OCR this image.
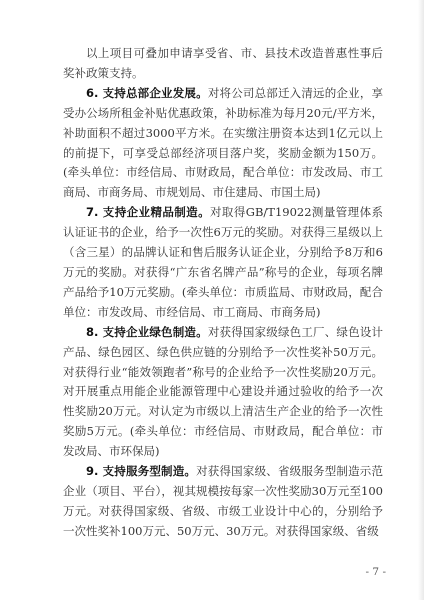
以上项目可叠加申请享受省、市、县技术改造普惠性事后奖补政策支持。

6. 支持总部企业发展。对将公司总部迁入清远的企业，享受办公场所租金补贴优惠政策，补助标准为每月20元/平方米，补助面积不超过3000平方米。在实缴注册资本达到1亿元以上的前提下，可享受总部经济项目落户奖，奖励金额为150万。(牵头单位：市经信局、市财政局，配合单位：市发改局、市工商局、市商务局、市规划局、市住建局、市国土局)

7. 支持企业精品制造。对取得GB/T19022测量管理体系认证证书的企业，给予一次性6万元的奖励。对获得三星级以上（含三星）的品牌认证和售后服务认证企业，分别给予8万和6万元的奖励。对获得“广东省名牌产品”称号的企业，每项名牌产品给予10万元奖励。(牵头单位：市质监局、市财政局，配合单位：市发改局、市经信局、市工商局、市商务局)

8. 支持企业绿色制造。对获得国家级绿色工厂、绿色设计产品、绿色园区、绿色供应链的分别给予一次性奖补50万元。对获得行业“能效领跑者”称号的企业给予一次性奖励20万元。对开展重点用能企业能源管理中心建设并通过验收的给予一次性奖励20万元。对认定为市级以上清洁生产企业的给予一次性奖励5万元。(牵头单位：市经信局、市财政局，配合单位：市发改局、市环保局)

9. 支持服务型制造。对获得国家级、省级服务型制造示范企业（项目、平台），视其规模按每家一次性奖励30万元至100万元。对获得国家级、省级、市级工业设计中心的，分别给予一次性奖补100万元、50万元、30万元。对获得国家级、省级

- 7 -
